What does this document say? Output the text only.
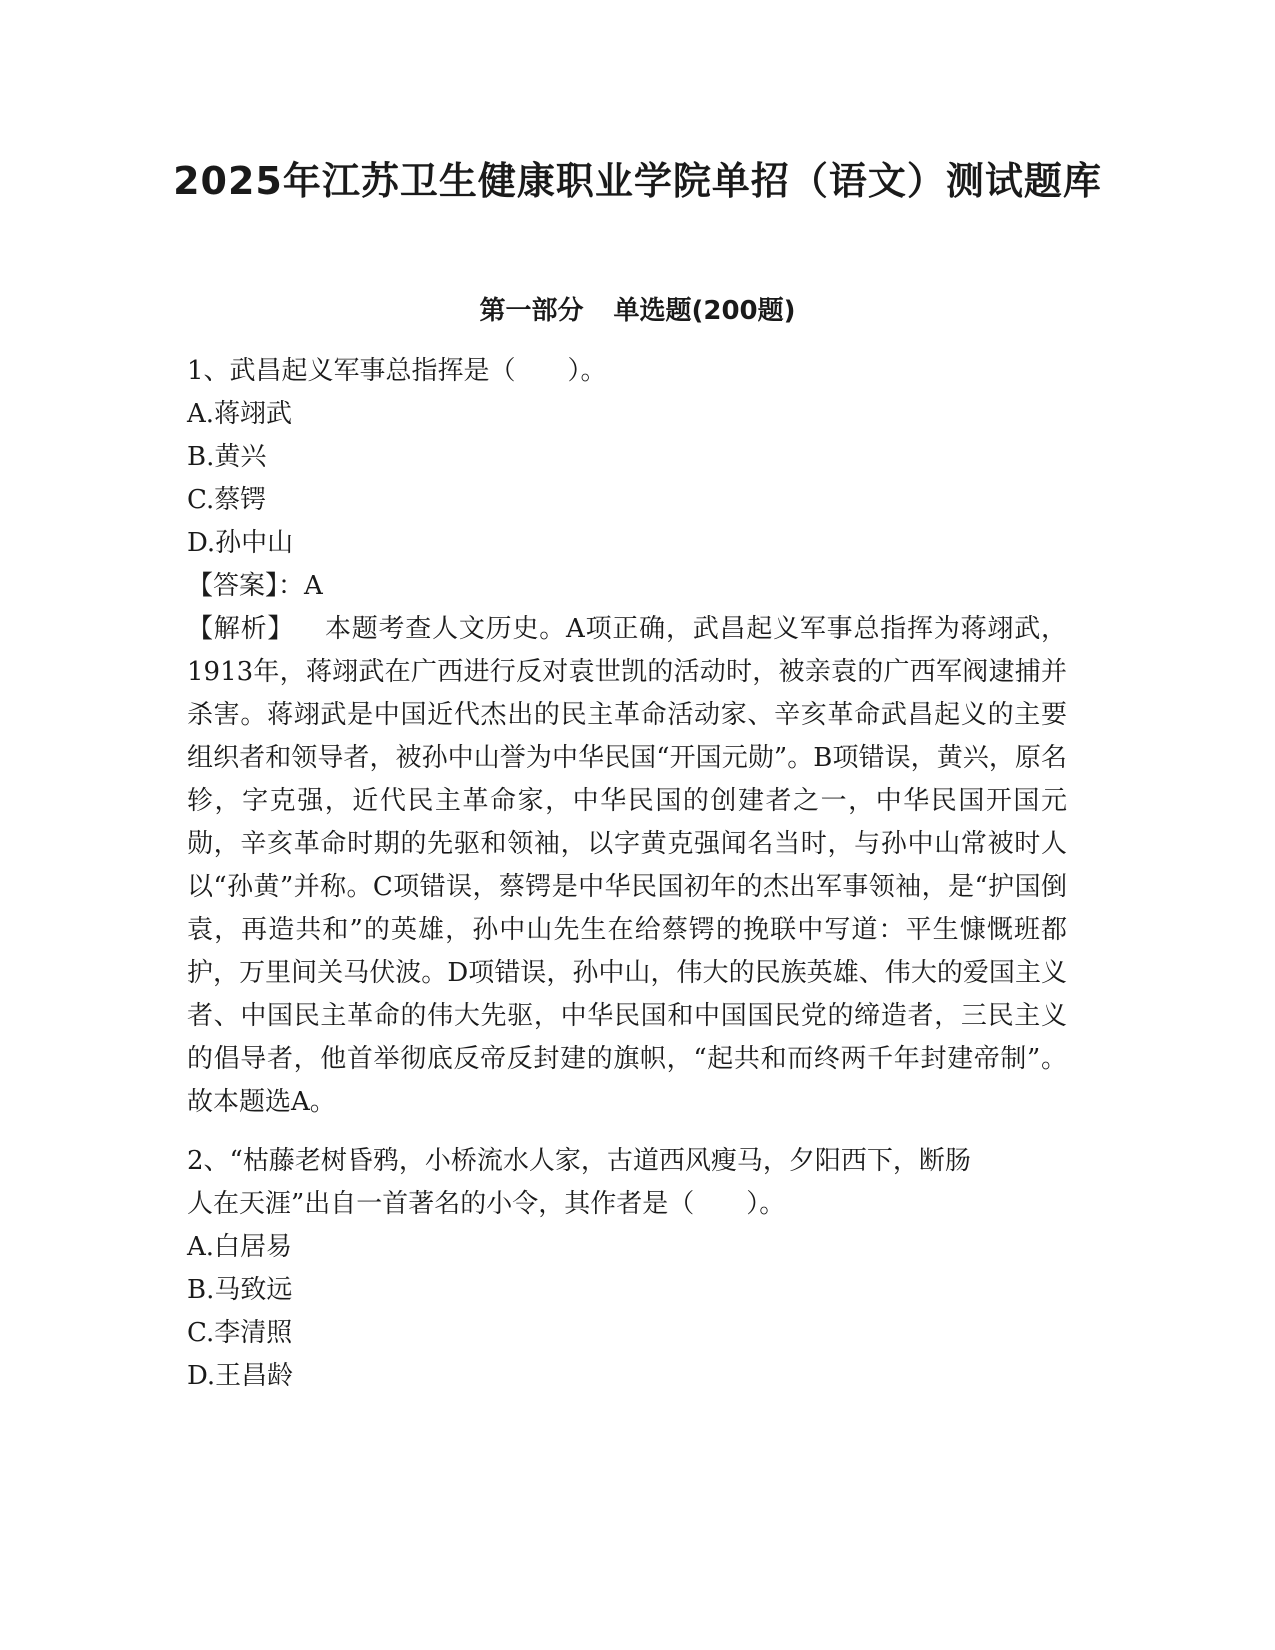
2025年江苏卫生健康职业学院单招（语文）测试题库
第一部分 单选题(200题)

1、武昌起义军事总指挥是（　　）。

A.蒋翊武

B.黄兴

C.蔡锷

D.孙中山

【答案】：A

【解析】 本题考查人文历史。A项正确，武昌起义军事总指挥为蒋翊武，1913年，蒋翊武在广西进行反对袁世凯的活动时，被亲袁的广西军阀逮捕并杀害。蒋翊武是中国近代杰出的民主革命活动家、辛亥革命武昌起义的主要组织者和领导者，被孙中山誉为中华民国“开国元勋”。B项错误，黄兴，原名轸，字克强，近代民主革命家，中华民国的创建者之一，中华民国开国元勋，辛亥革命时期的先驱和领袖，以字黄克强闻名当时，与孙中山常被时人以“孙黄”并称。C项错误，蔡锷是中华民国初年的杰出军事领袖，是“护国倒袁，再造共和”的英雄，孙中山先生在给蔡锷的挽联中写道：平生慷慨班都护，万里间关马伏波。D项错误，孙中山，伟大的民族英雄、伟大的爱国主义者、中国民主革命的伟大先驱，中华民国和中国国民党的缔造者，三民主义的倡导者，他首举彻底反帝反封建的旗帜，“起共和而终两千年封建帝制”。故本题选A。

2、“枯藤老树昏鸦，小桥流水人家，古道西风瘦马，夕阳西下，断肠

人在天涯”出自一首著名的小令，其作者是（　　）。

A.白居易

B.马致远

C.李清照

D.王昌龄
